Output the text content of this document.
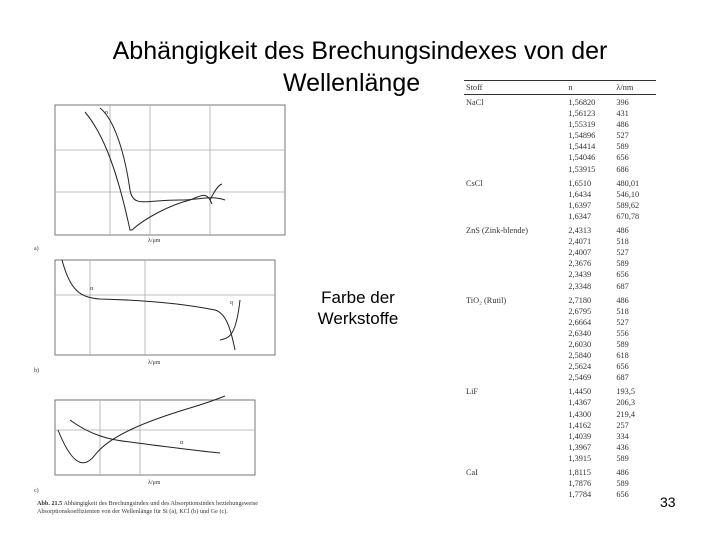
Abhängigkeit des Brechungsindexes von der
Wellenlänge
a)
b)
c)
λ/μm
λ/μm
λ/μm
n
α
q
α
Abb. 21.5 Abhängigkeit des Brechungsindex und des Absorptionsindex beziehungsweise Absorptionskoeffizienten von der Wellenlänge für Si (a), KCl (b) und Ge (c).
Farbe der
Werkstoffe
Stoff	n	λ/nm
NaCl	1,56820	396
	1,56123	431
	1,55319	486
	1,54896	527
	1,54414	589
	1,54046	656
	1,53915	686
CsCl	1,6510	480,01
	1,6434	546,10
	1,6397	589,62
	1,6347	670,78
ZnS (Zink-blende)	2,4313	486
	2,4071	518
	2,4007	527
	2,3676	589
	2,3439	656
	2,3348	687
TiO₂ (Rutil)	2,7180	486
	2,6795	518
	2,6664	527
	2,6340	556
	2,6030	589
	2,5840	618
	2,5624	656
	2,5469	687
LiF	1,4450	193,5
	1,4367	206,3
	1,4300	219,4
	1,4162	257
	1,4039	334
	1,3967	436
	1,3915	589
CaI	1,8115	486
	1,7876	589
	1,7784	656 33
